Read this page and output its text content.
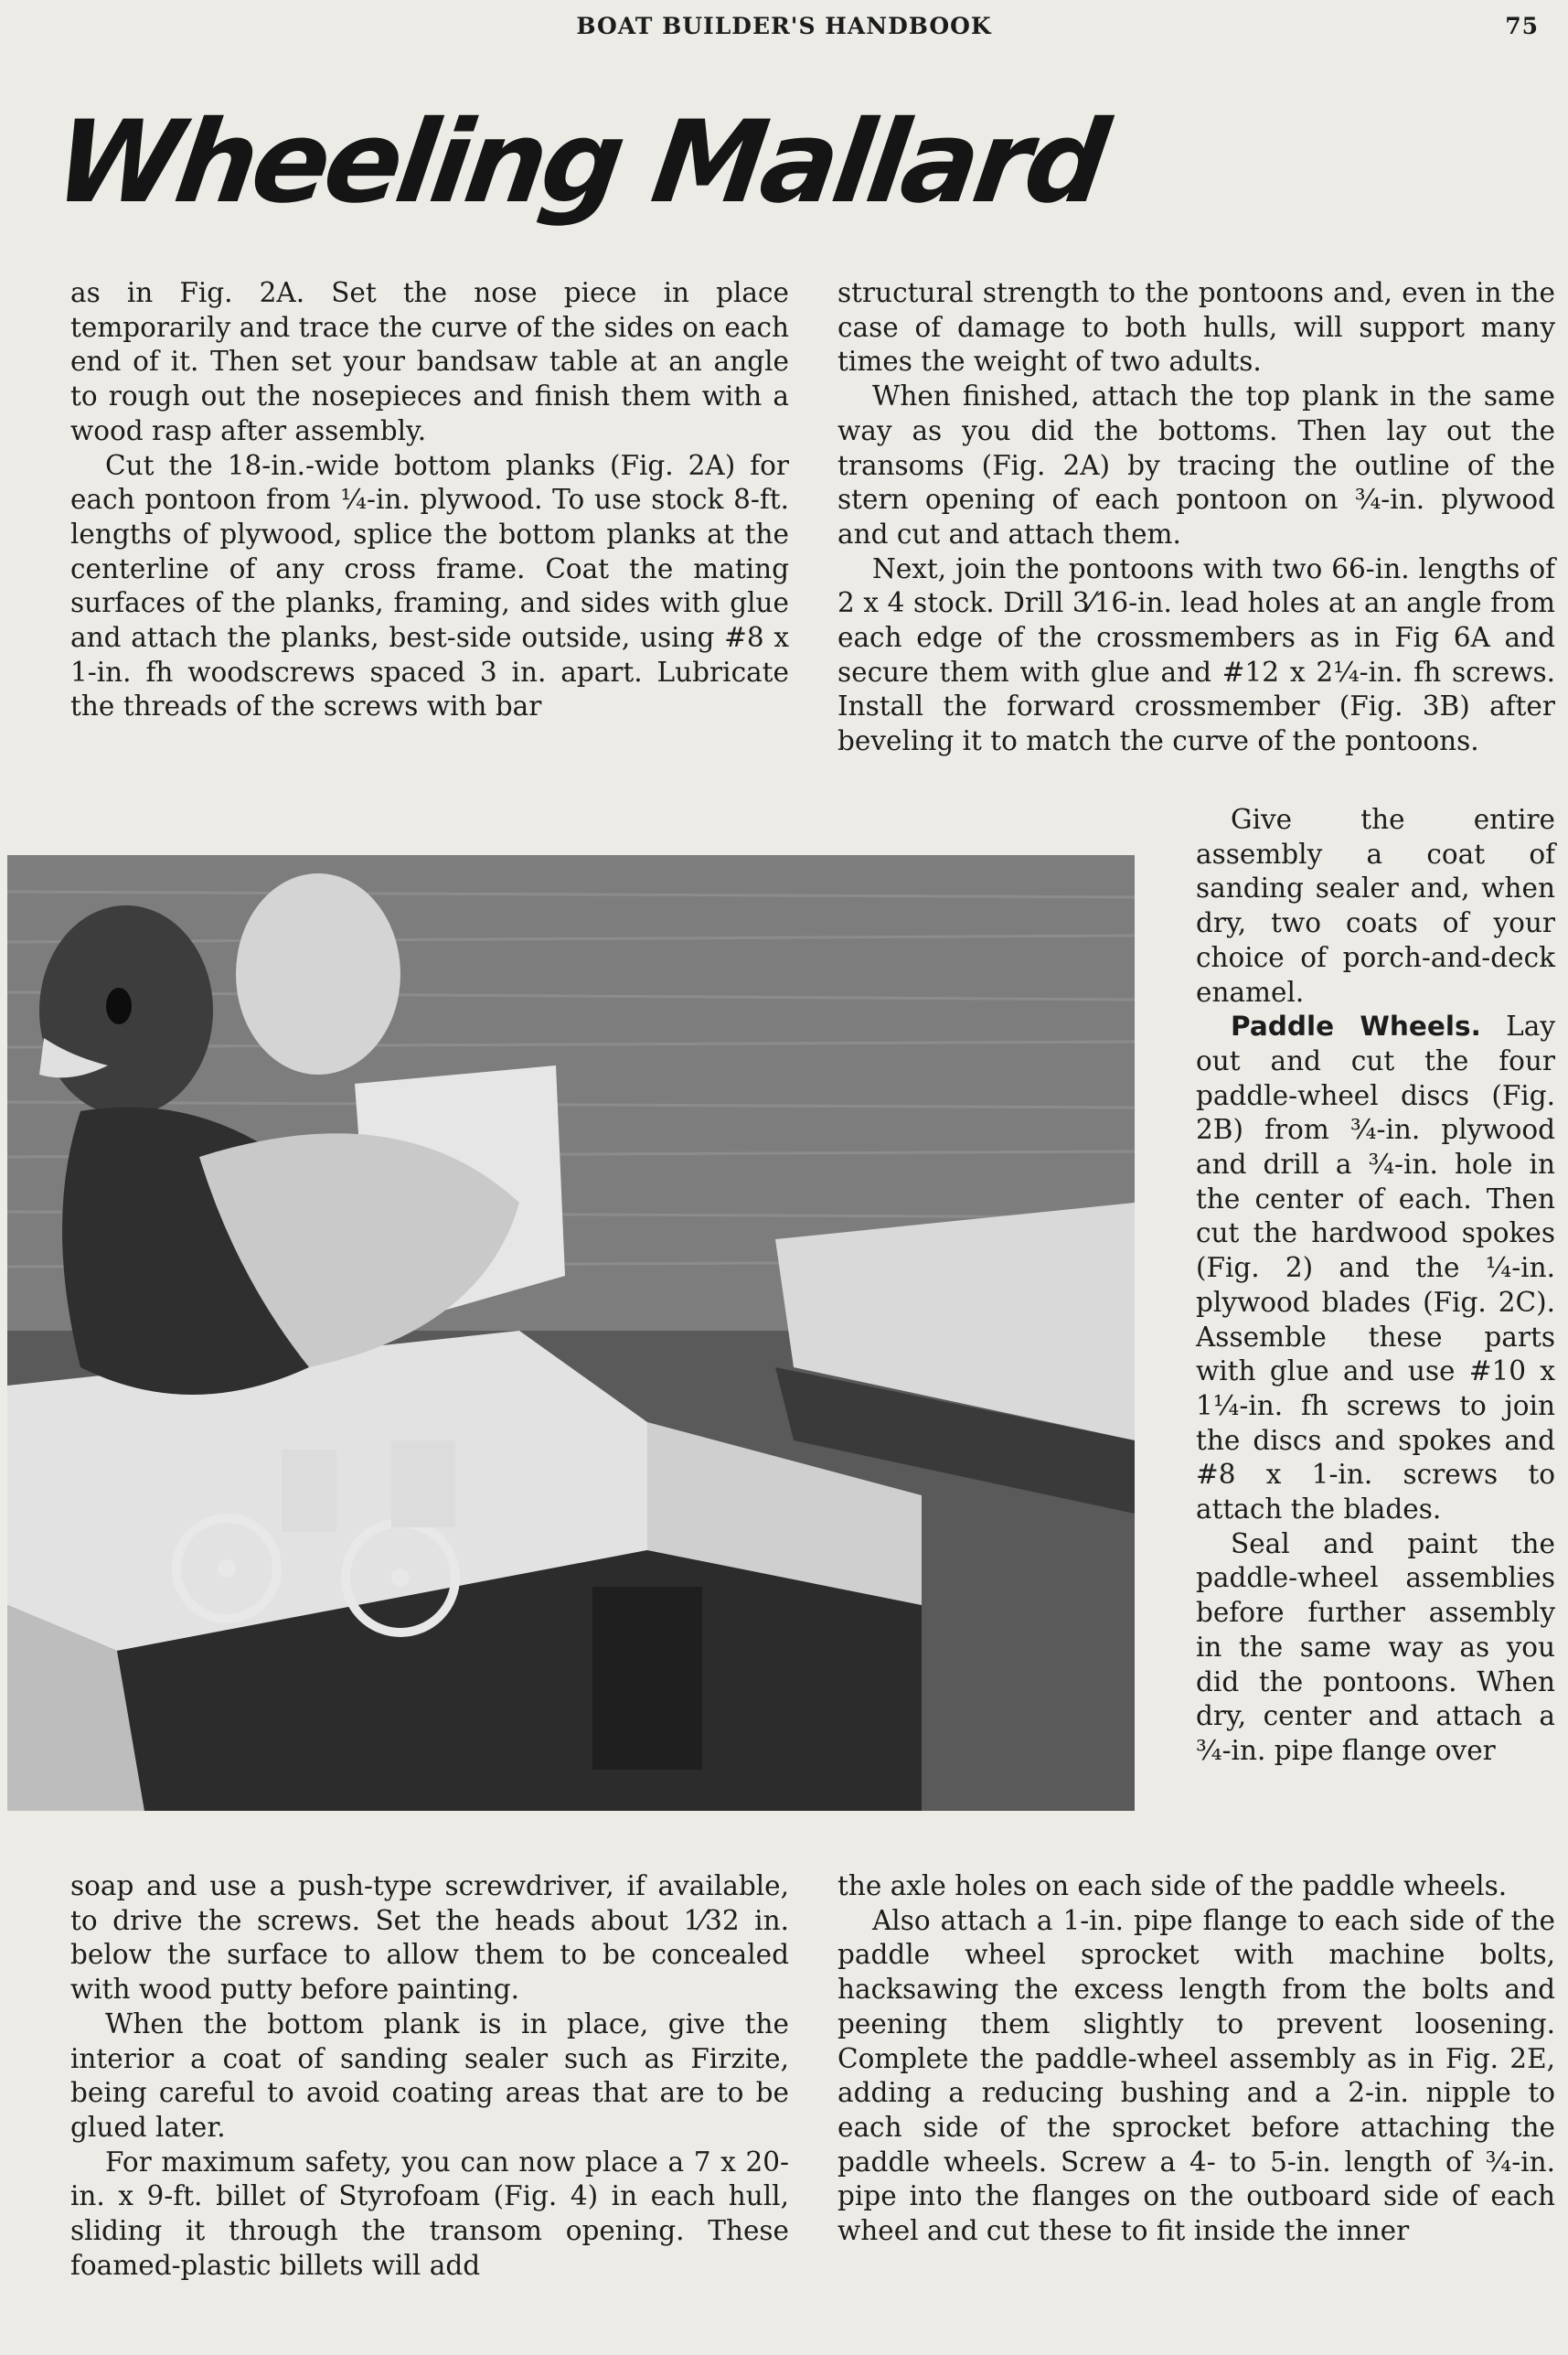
BOAT BUILDER'S HANDBOOK	75
Wheeling Mallard

as in Fig. 2A. Set the nose piece in place temporarily and trace the curve of the sides on each end of it. Then set your bandsaw table at an angle to rough out the nosepieces and finish them with a wood rasp after assembly.

Cut the 18-in.-wide bottom planks (Fig. 2A) for each pontoon from ¼-in. plywood. To use stock 8-ft. lengths of plywood, splice the bottom planks at the centerline of any cross frame. Coat the mating surfaces of the planks, framing, and sides with glue and attach the planks, best-side outside, using #8 x 1-in. fh woodscrews spaced 3 in. apart. Lubricate the threads of the screws with bar

structural strength to the pontoons and, even in the case of damage to both hulls, will support many times the weight of two adults.

When finished, attach the top plank in the same way as you did the bottoms. Then lay out the transoms (Fig. 2A) by tracing the outline of the stern opening of each pontoon on ¾-in. plywood and cut and attach them.

Next, join the pontoons with two 66-in. lengths of 2 x 4 stock. Drill 3⁄16-in. lead holes at an angle from each edge of the crossmembers as in Fig 6A and secure them with glue and #12 x 2¼-in. fh screws. Install the forward crossmember (Fig. 3B) after beveling it to match the curve of the pontoons.

Give the entire assembly a coat of sanding sealer and, when dry, two coats of your choice of porch-and-deck enamel.

Paddle Wheels. Lay out and cut the four paddle-wheel discs (Fig. 2B) from ¾-in. plywood and drill a ¾-in. hole in the center of each. Then cut the hardwood spokes (Fig. 2) and the ¼-in. plywood blades (Fig. 2C). Assemble these parts with glue and use #10 x 1¼-in. fh screws to join the discs and spokes and #8 x 1-in. screws to attach the blades.

Seal and paint the paddle-wheel assemblies before further assembly in the same way as you did the pontoons. When dry, center and attach a ¾-in. pipe flange over

soap and use a push-type screwdriver, if available, to drive the screws. Set the heads about 1⁄32 in. below the surface to allow them to be concealed with wood putty before painting.

When the bottom plank is in place, give the interior a coat of sanding sealer such as Firzite, being careful to avoid coating areas that are to be glued later.

For maximum safety, you can now place a 7 x 20-in. x 9-ft. billet of Styrofoam (Fig. 4) in each hull, sliding it through the transom opening. These foamed-plastic billets will add

the axle holes on each side of the paddle wheels.

Also attach a 1-in. pipe flange to each side of the paddle wheel sprocket with machine bolts, hacksawing the excess length from the bolts and peening them slightly to prevent loosening. Complete the paddle-wheel assembly as in Fig. 2E, adding a reducing bushing and a 2-in. nipple to each side of the sprocket before attaching the paddle wheels. Screw a 4- to 5-in. length of ¾-in. pipe into the flanges on the outboard side of each wheel and cut these to fit inside the inner
